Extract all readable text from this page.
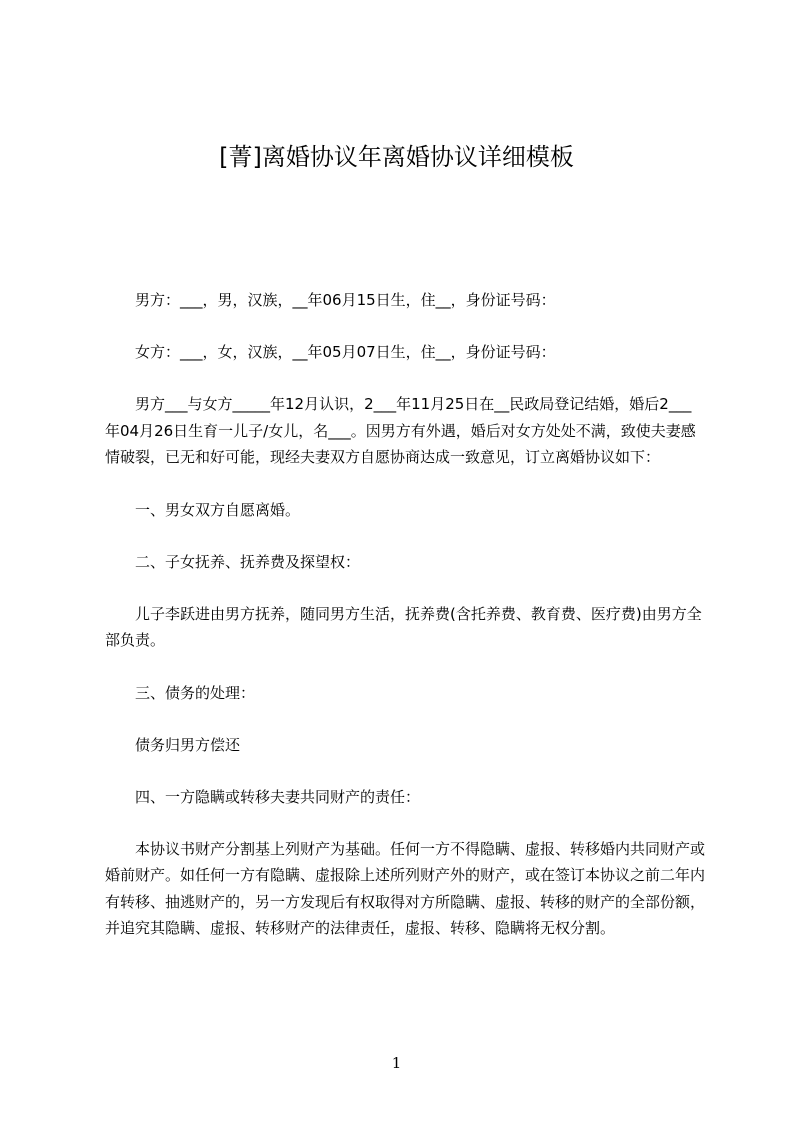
[菁]离婚协议年离婚协议详细模板

男方：___，男，汉族，__年06月15日生，住__，身份证号码：

女方：___，女，汉族，__年05月07日生，住__，身份证号码：

男方___与女方_____年12月认识，2___年11月25日在__民政局登记结婚，婚后2___年04月26日生育一儿子/女儿，名___。因男方有外遇，婚后对女方处处不满，致使夫妻感情破裂，已无和好可能，现经夫妻双方自愿协商达成一致意见，订立离婚协议如下：

一、男女双方自愿离婚。

二、子女抚养、抚养费及探望权：

儿子李跃进由男方抚养，随同男方生活，抚养费(含托养费、教育费、医疗费)由男方全部负责。

三、债务的处理：

债务归男方偿还

四、一方隐瞒或转移夫妻共同财产的责任：

本协议书财产分割基上列财产为基础。任何一方不得隐瞒、虚报、转移婚内共同财产或婚前财产。如任何一方有隐瞒、虚报除上述所列财产外的财产，或在签订本协议之前二年内有转移、抽逃财产的，另一方发现后有权取得对方所隐瞒、虚报、转移的财产的全部份额，并追究其隐瞒、虚报、转移财产的法律责任，虚报、转移、隐瞒将无权分割。

1
